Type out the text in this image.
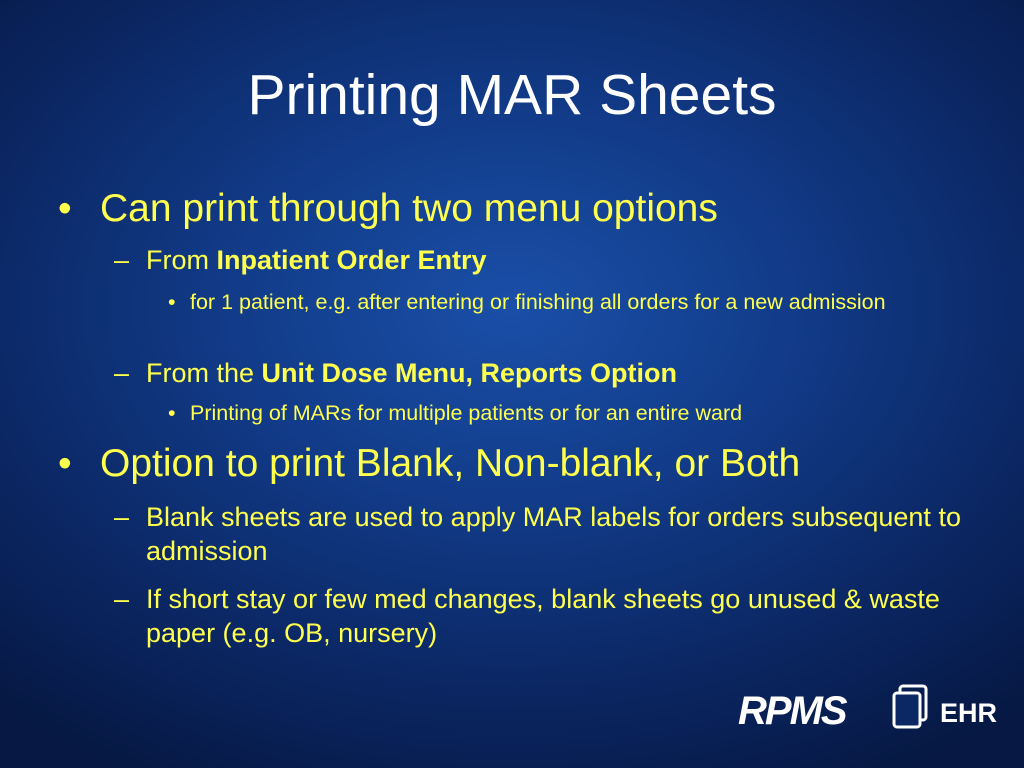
Printing MAR Sheets
• Can print through two menu options
– From Inpatient Order Entry
• for 1 patient, e.g. after entering or finishing all orders for a new admission
– From the Unit Dose Menu, Reports Option
• Printing of MARs for multiple patients or for an entire ward
• Option to print Blank, Non-blank, or Both
– Blank sheets are used to apply MAR labels for orders subsequent to admission
– If short stay or few med changes, blank sheets go unused & waste paper (e.g. OB, nursery)
RPMS	EHR
